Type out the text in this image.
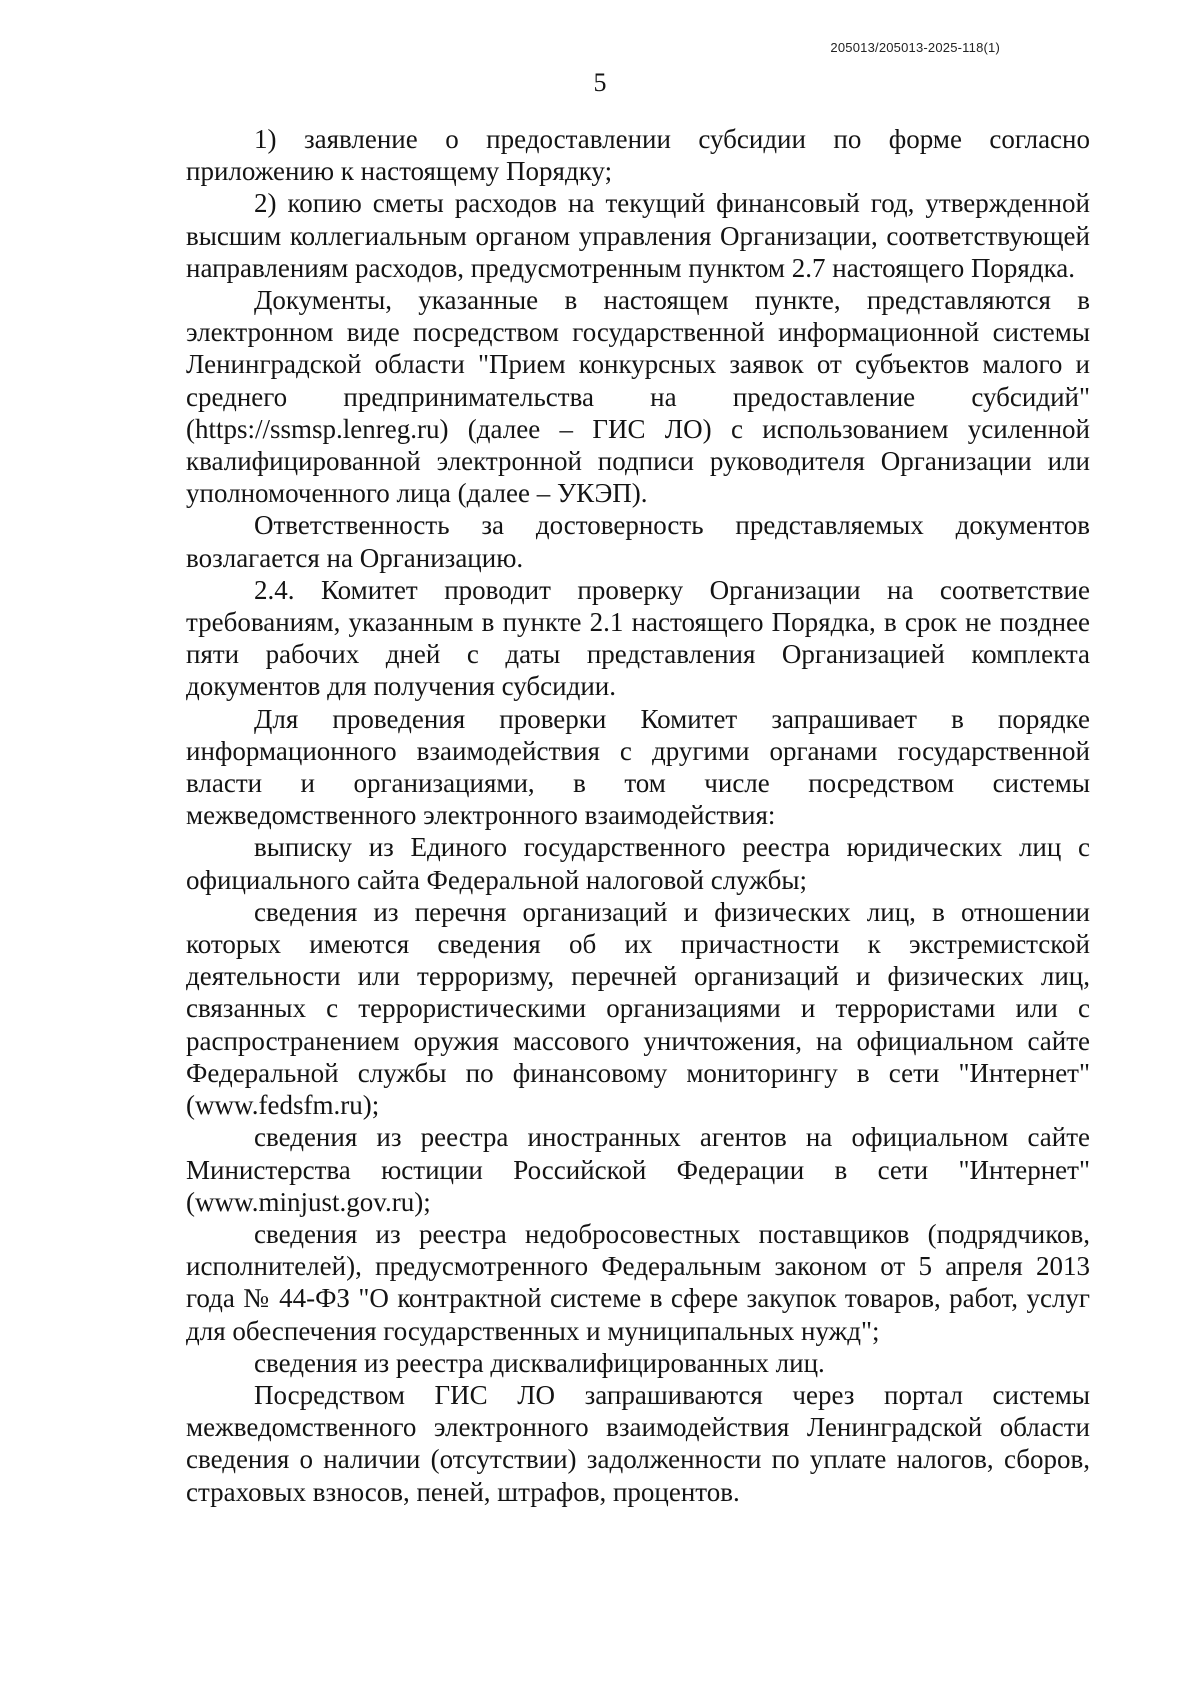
205013/205013-2025-118(1)
5

1) заявление о предоставлении субсидии по форме согласно приложению к настоящему Порядку;

2) копию сметы расходов на текущий финансовый год, утвержденной высшим коллегиальным органом управления Организации, соответствующей направлениям расходов, предусмотренным пунктом 2.7 настоящего Порядка.

Документы, указанные в настоящем пункте, представляются в электронном виде посредством государственной информационной системы Ленинградской области "Прием конкурсных заявок от субъектов малого и среднего предпринимательства на предоставление субсидий" (https://ssmsp.lenreg.ru) (далее – ГИС ЛО) с использованием усиленной квалифицированной электронной подписи руководителя Организации или уполномоченного лица (далее – УКЭП).

Ответственность за достоверность представляемых документов возлагается на Организацию.

2.4. Комитет проводит проверку Организации на соответствие требованиям, указанным в пункте 2.1 настоящего Порядка, в срок не позднее пяти рабочих дней с даты представления Организацией комплекта документов для получения субсидии.

Для проведения проверки Комитет запрашивает в порядке информационного взаимодействия с другими органами государственной власти и организациями, в том числе посредством системы межведомственного электронного взаимодействия:

выписку из Единого государственного реестра юридических лиц с официального сайта Федеральной налоговой службы;

сведения из перечня организаций и физических лиц, в отношении которых имеются сведения об их причастности к экстремистской деятельности или терроризму, перечней организаций и физических лиц, связанных с террористическими организациями и террористами или с распространением оружия массового уничтожения, на официальном сайте Федеральной службы по финансовому мониторингу в сети "Интернет" (www.fedsfm.ru);

сведения из реестра иностранных агентов на официальном сайте Министерства юстиции Российской Федерации в сети "Интернет" (www.minjust.gov.ru);

сведения из реестра недобросовестных поставщиков (подрядчиков, исполнителей), предусмотренного Федеральным законом от 5 апреля 2013 года № 44-ФЗ "О контрактной системе в сфере закупок товаров, работ, услуг для обеспечения государственных и муниципальных нужд";

сведения из реестра дисквалифицированных лиц.

Посредством ГИС ЛО запрашиваются через портал системы межведомственного электронного взаимодействия Ленинградской области сведения о наличии (отсутствии) задолженности по уплате налогов, сборов, страховых взносов, пеней, штрафов, процентов.
